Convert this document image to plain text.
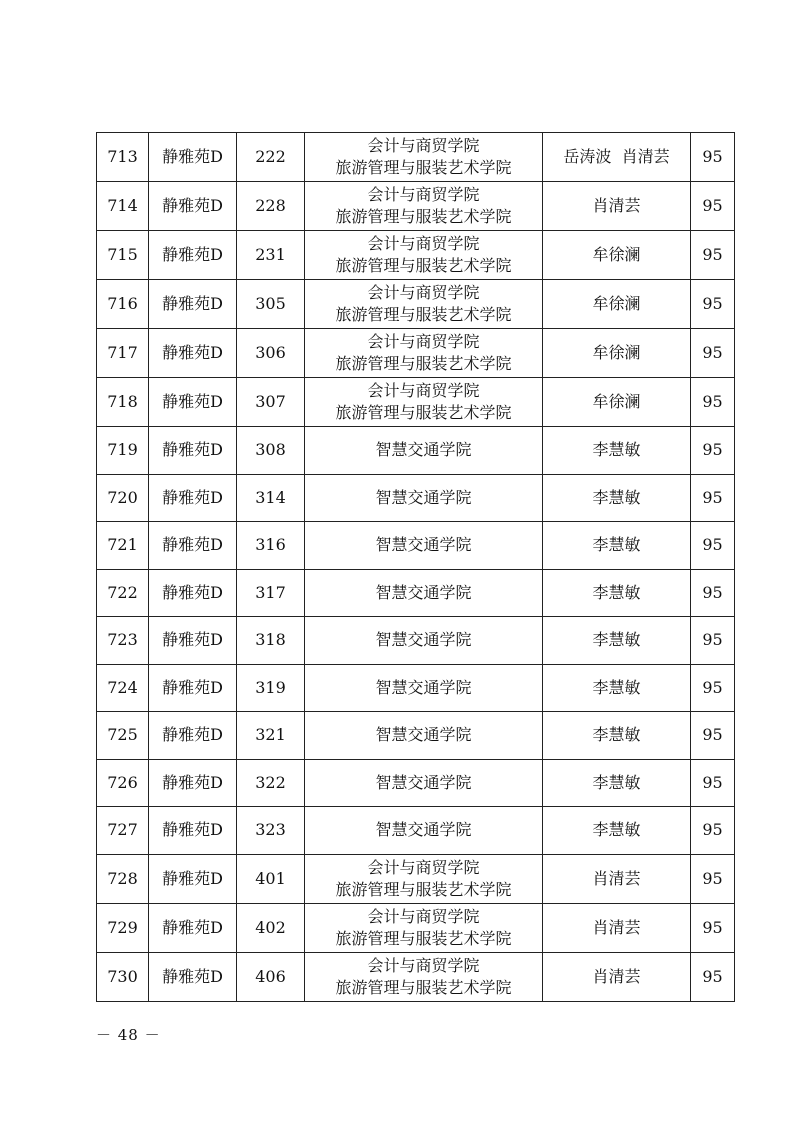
713	静雅苑D	222	会计与商贸学院
旅游管理与服装艺术学院	岳涛波  肖清芸	95
714	静雅苑D	228	会计与商贸学院
旅游管理与服装艺术学院	肖清芸	95
715	静雅苑D	231	会计与商贸学院
旅游管理与服装艺术学院	牟徐澜	95
716	静雅苑D	305	会计与商贸学院
旅游管理与服装艺术学院	牟徐澜	95
717	静雅苑D	306	会计与商贸学院
旅游管理与服装艺术学院	牟徐澜	95
718	静雅苑D	307	会计与商贸学院
旅游管理与服装艺术学院	牟徐澜	95
719	静雅苑D	308	智慧交通学院	李慧敏	95
720	静雅苑D	314	智慧交通学院	李慧敏	95
721	静雅苑D	316	智慧交通学院	李慧敏	95
722	静雅苑D	317	智慧交通学院	李慧敏	95
723	静雅苑D	318	智慧交通学院	李慧敏	95
724	静雅苑D	319	智慧交通学院	李慧敏	95
725	静雅苑D	321	智慧交通学院	李慧敏	95
726	静雅苑D	322	智慧交通学院	李慧敏	95
727	静雅苑D	323	智慧交通学院	李慧敏	95
728	静雅苑D	401	会计与商贸学院
旅游管理与服装艺术学院	肖清芸	95
729	静雅苑D	402	会计与商贸学院
旅游管理与服装艺术学院	肖清芸	95
730	静雅苑D	406	会计与商贸学院
旅游管理与服装艺术学院	肖清芸	95
－ 48 －
